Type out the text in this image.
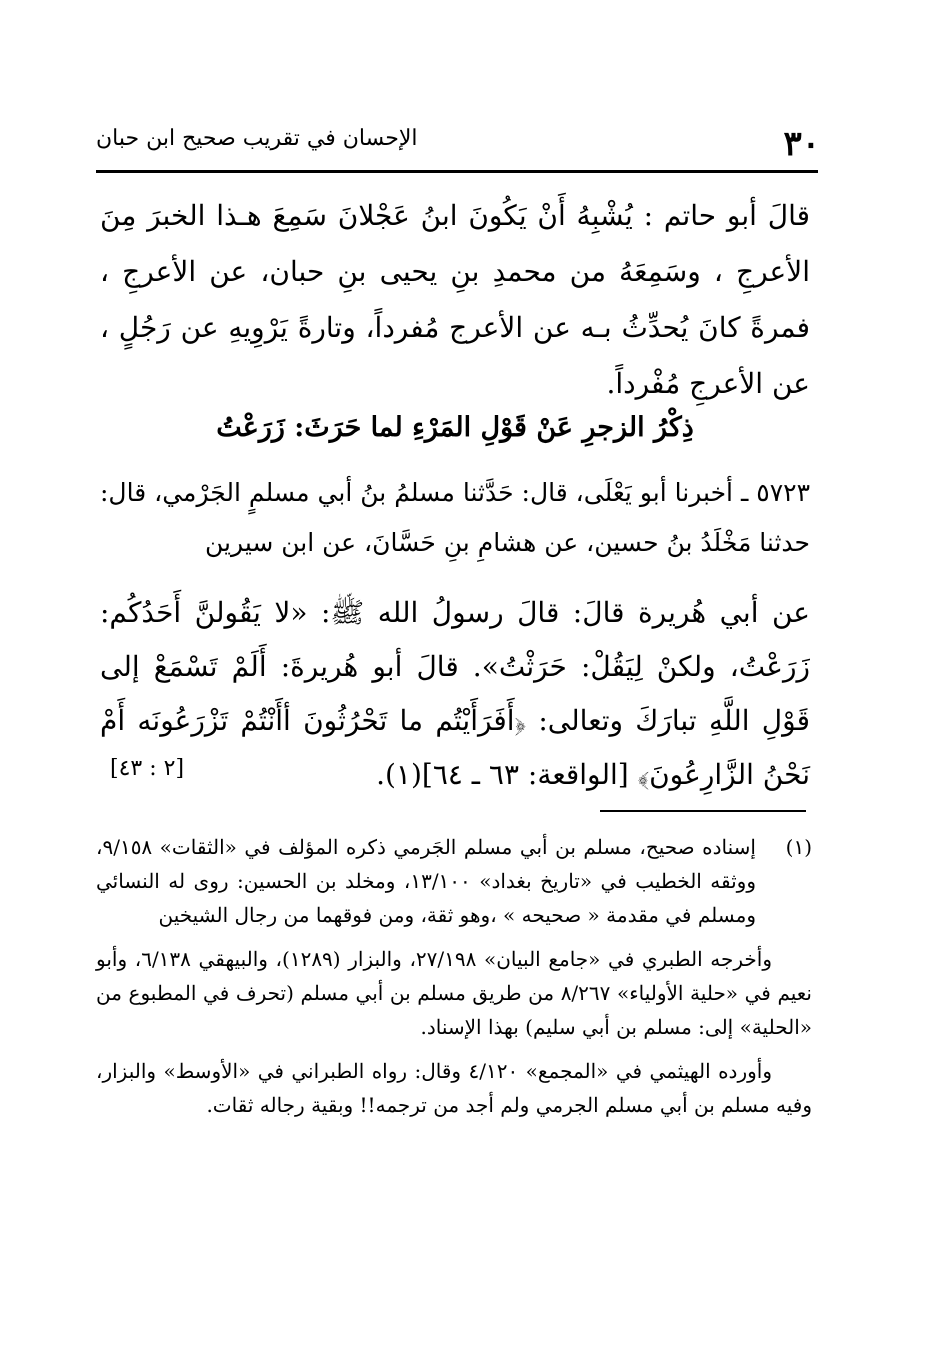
٣٠
الإحسان في تقريب صحيح ابن حبان

قالَ أبو حاتم : يُشْبِهُ أَنْ يَكُونَ ابنُ عَجْلانَ سَمِعَ هـذا الخبرَ مِنَ الأعرجِ ، وسَمِعَهُ من محمدِ بنِ يحيى بنِ حبان، عن الأعرجِ ، فمرةً كانَ يُحدِّثُ بـه عن الأعرج مُفرداً، وتارةً يَرْوِيهِ عن رَجُلٍ ، عن الأعرجِ مُفْرداً.

ذِكْرُ الزجرِ عَنْ قَوْلِ المَرْءِ لما حَرَثَ: زَرَعْتُ

٥٧٢٣ ـ أخبرنا أبو يَعْلَى، قال: حَدَّثنا مسلمُ بنُ أبي مسلمٍ الجَرْمي، قال: حدثنا مَخْلَدُ بنُ حسين، عن هشامِ بنِ حَسَّانَ، عن ابن سيرين

عن أبي هُريرة قالَ: قالَ رسولُ الله ﷺ: «لا يَقُولنَّ أَحَدُكُم: زَرَعْتُ، ولكنْ لِيَقُلْ: حَرَثْتُ». قالَ أبو هُريرةَ: أَلَمْ تَسْمَعْ إلى قَوْلِ اللَّهِ تبارَكَ وتعالى: ﴿أَفَرَأَيْتُم ما تَحْرُثُونَ أأَنْتُمْ تَزْرَعُونَه أَمْ نَحْنُ الزَّارِعُونَ﴾ [الواقعة: ٦٣ ـ ٦٤](١).

[٢ : ٤٣]
(١)
إسناده صحيح، مسلم بن أبي مسلم الجَرمي ذكره المؤلف في «الثقات» ٩/١٥٨، ووثقه الخطيب في «تاريخ بغداد» ١٣/١٠٠، ومخلد بن الحسين: روى له النسائي ومسلم في مقدمة « صحيحه » ،وهو ثقة، ومن فوقهما من رجال الشيخين
وأخرجه الطبري في «جامع البيان» ٢٧/١٩٨، والبزار (١٢٨٩)، والبيهقي ٦/١٣٨، وأبو نعيم في «حلية الأولياء» ٨/٢٦٧ من طريق مسلم بن أبي مسلم (تحرف في المطبوع من «الحلية» إلى: مسلم بن أبي سليم) بهذا الإسناد.
وأورده الهيثمي في «المجمع» ٤/١٢٠ وقال: رواه الطبراني في «الأوسط» والبزار، وفيه مسلم بن أبي مسلم الجرمي ولم أجد من ترجمه!! وبقية رجاله ثقات.
